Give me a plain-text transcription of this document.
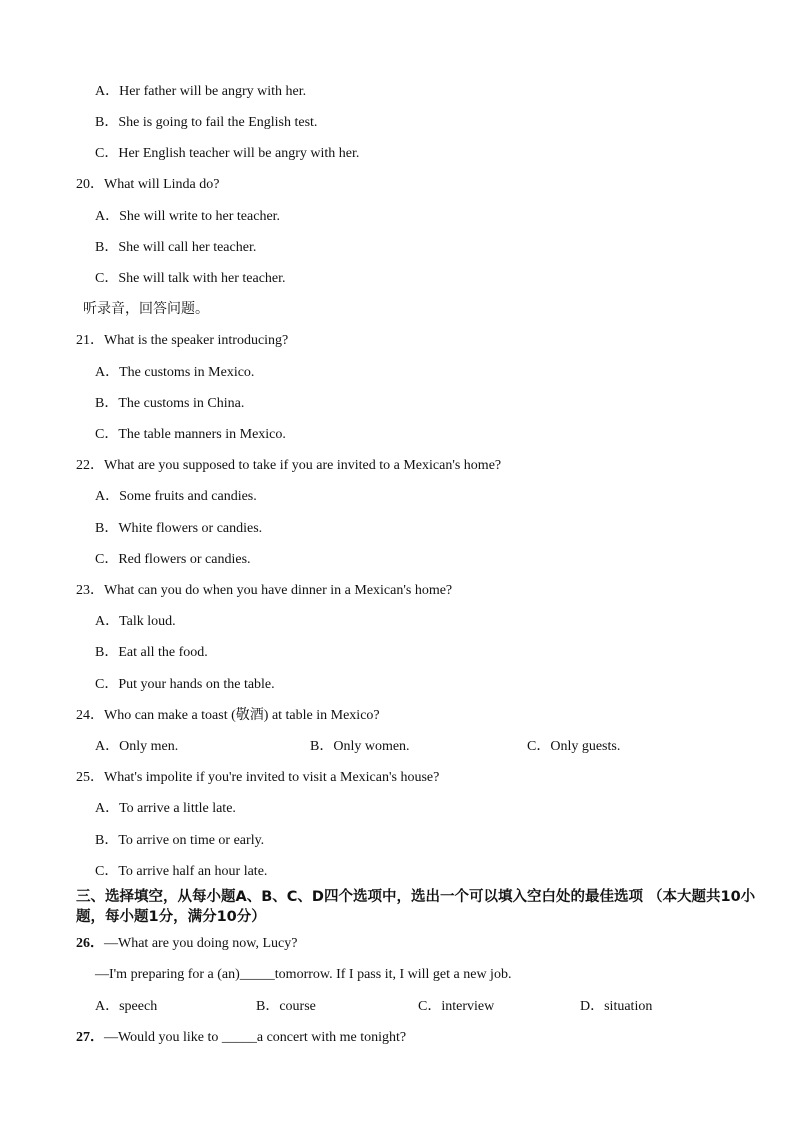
A．Her father will be angry with her.
B．She is going to fail the English test.
C．Her English teacher will be angry with her.
20．What will Linda do?
A．She will write to her teacher.
B．She will call her teacher.
C．She will talk with her teacher.
听录音，回答问题。
21．What is the speaker introducing?
A．The customs in Mexico.
B．The customs in China.
C．The table manners in Mexico.
22．What are you supposed to take if you are invited to a Mexican's home?
A．Some fruits and candies.
B．White flowers or candies.
C．Red flowers or candies.
23．What can you do when you have dinner in a Mexican's home?
A．Talk loud.
B．Eat all the food.
C．Put your hands on the table.
24．Who can make a toast (敬酒) at table in Mexico?
A．Only men.	B．Only women.	C．Only guests.
25．What's impolite if you're invited to visit a Mexican's house?
A．To arrive a little late.
B．To arrive on time or early.
C．To arrive half an hour late.
三、选择填空，从每小题A、B、C、D四个选项中，选出一个可以填入空白处的最佳选项 （本大题共10小题，每小题1分，满分10分）
26．—What are you doing now, Lucy?
—I'm preparing for a (an)_____tomorrow. If I pass it, I will get a new job.
A．speech	B．course	C．interview	D．situation
27．—Would you like to _____a concert with me tonight?
